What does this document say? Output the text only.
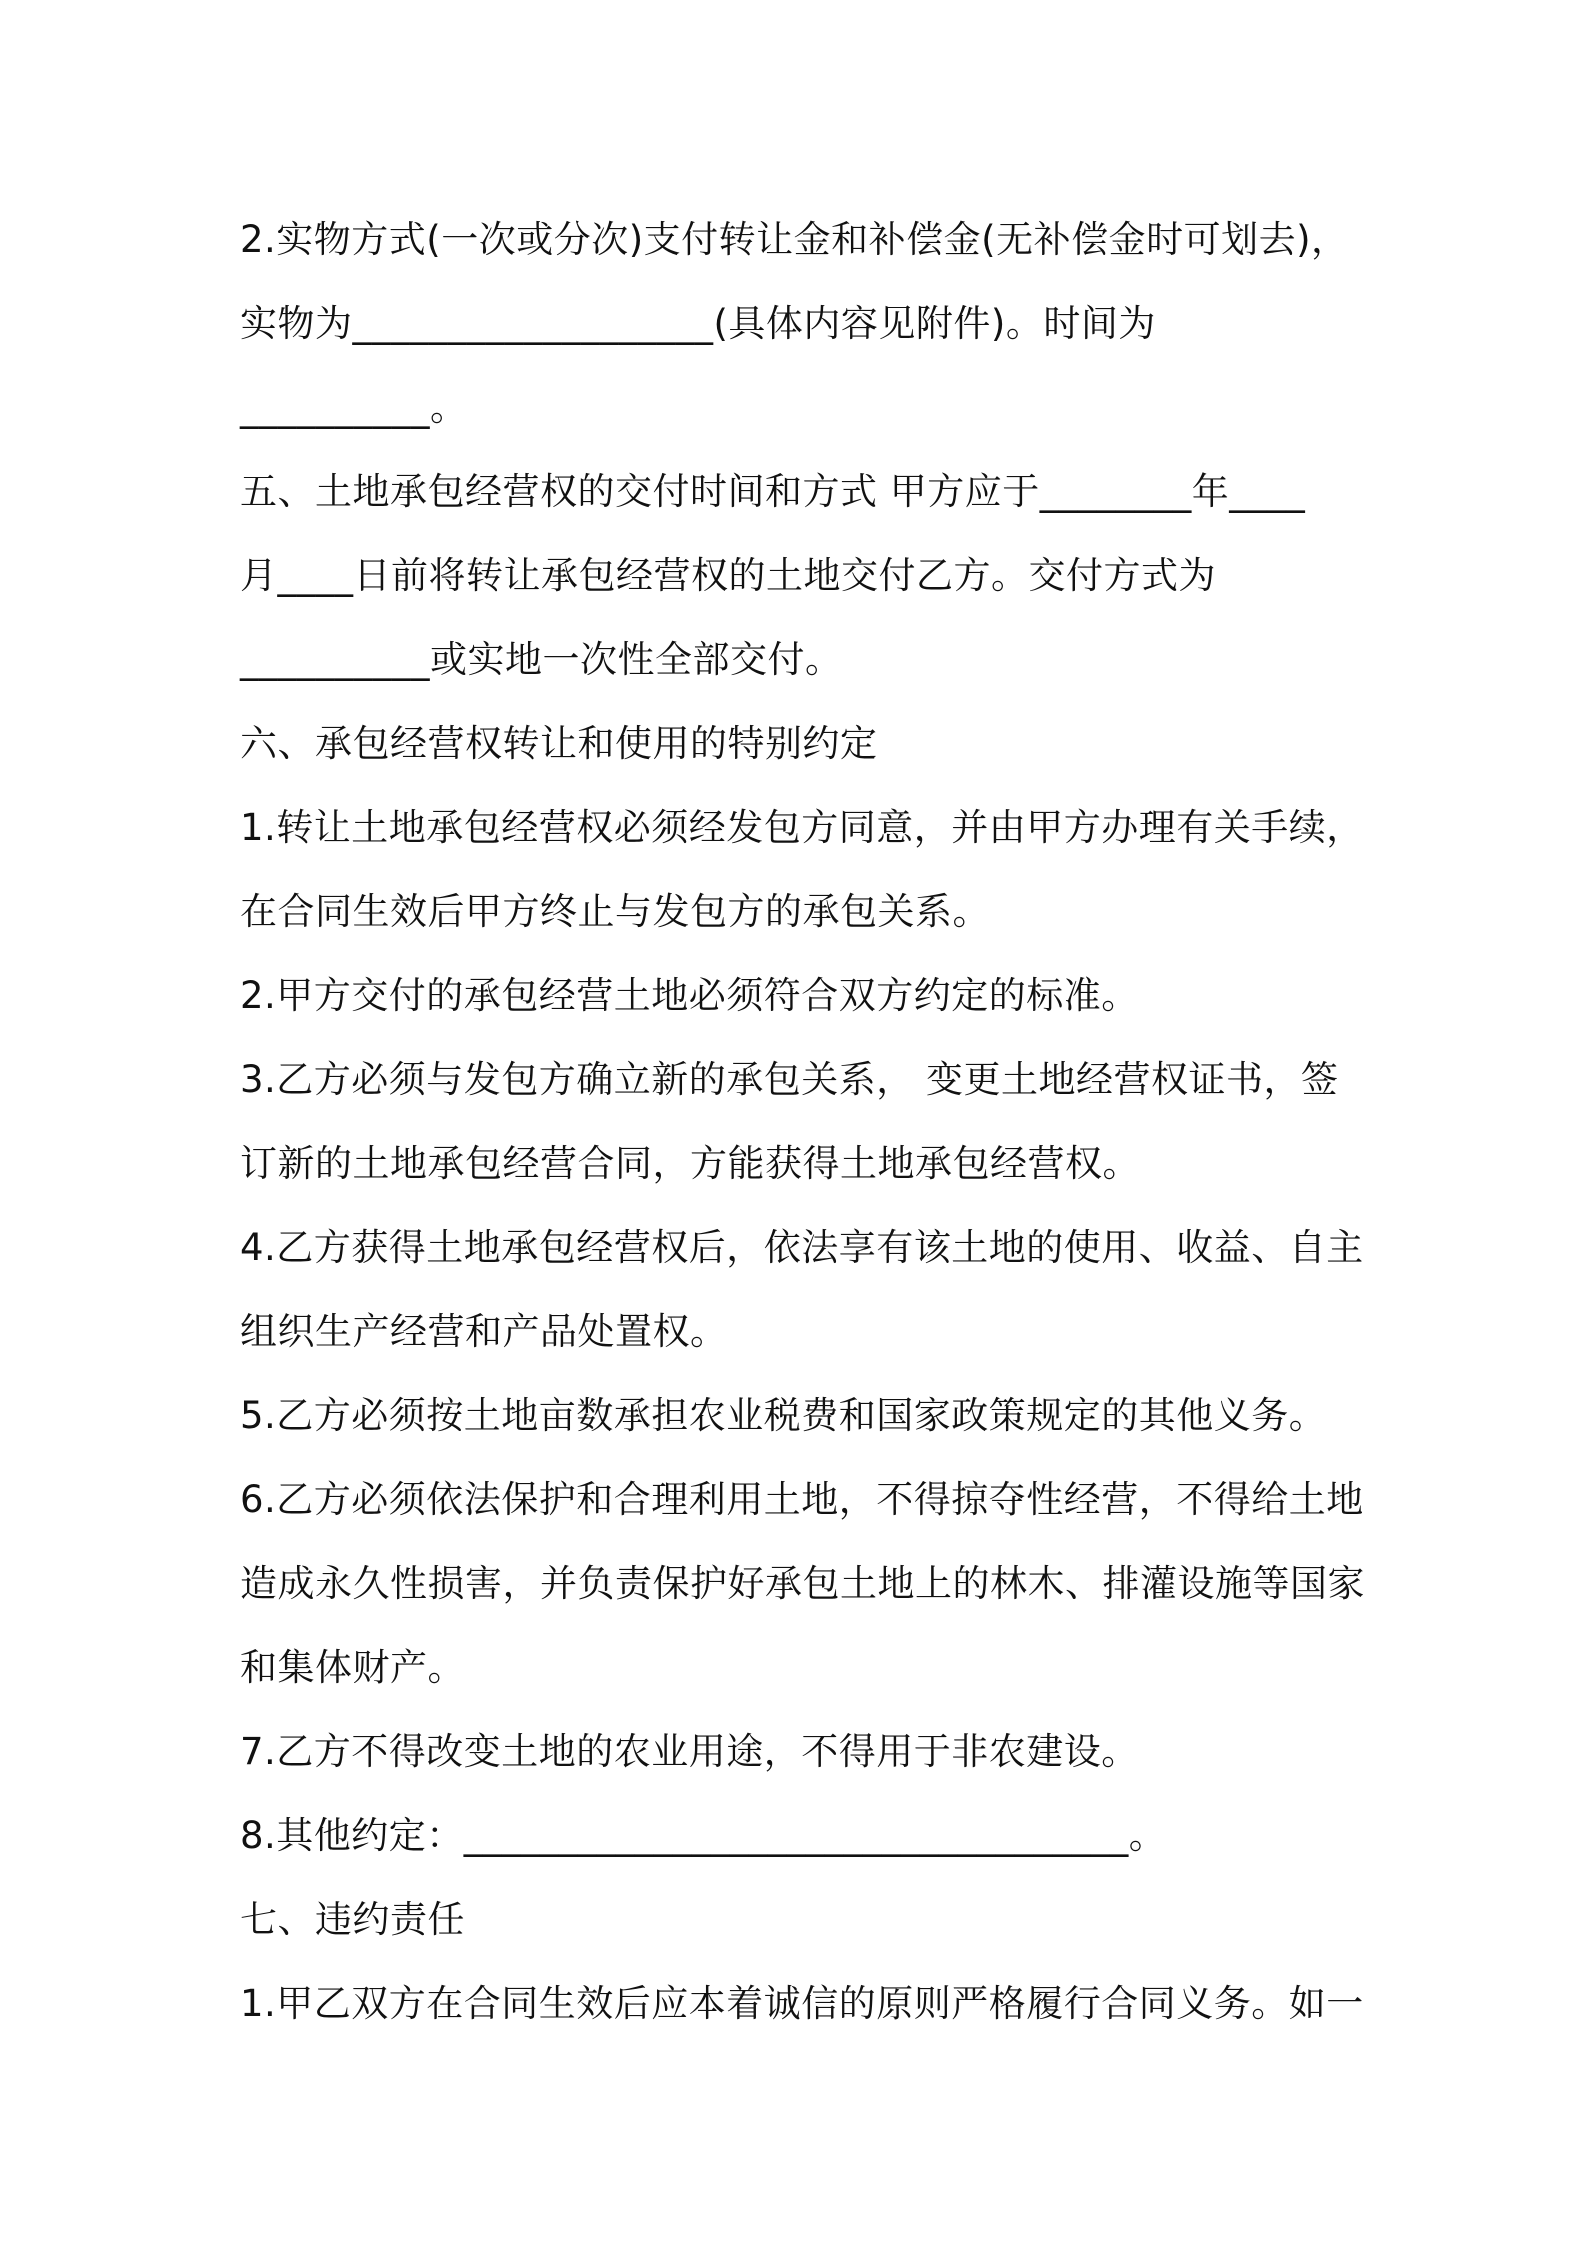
2.实物方式(一次或分次)支付转让金和补偿金(无补偿金时可划去)，
实物为___________________(具体内容见附件)。时间为
__________。
五、土地承包经营权的交付时间和方式 甲方应于________年____
月____日前将转让承包经营权的土地交付乙方。交付方式为
__________或实地一次性全部交付。
六、承包经营权转让和使用的特别约定
1.转让土地承包经营权必须经发包方同意，并由甲方办理有关手续，
在合同生效后甲方终止与发包方的承包关系。
2.甲方交付的承包经营土地必须符合双方约定的标准。
3.乙方必须与发包方确立新的承包关系， 变更土地经营权证书，签
订新的土地承包经营合同，方能获得土地承包经营权。
4.乙方获得土地承包经营权后，依法享有该土地的使用、收益、自主
组织生产经营和产品处置权。
5.乙方必须按土地亩数承担农业税费和国家政策规定的其他义务。
6.乙方必须依法保护和合理利用土地，不得掠夺性经营，不得给土地
造成永久性损害，并负责保护好承包土地上的林木、排灌设施等国家
和集体财产。
7.乙方不得改变土地的农业用途，不得用于非农建设。
8.其他约定：___________________________________。
七、违约责任
1.甲乙双方在合同生效后应本着诚信的原则严格履行合同义务。如一
